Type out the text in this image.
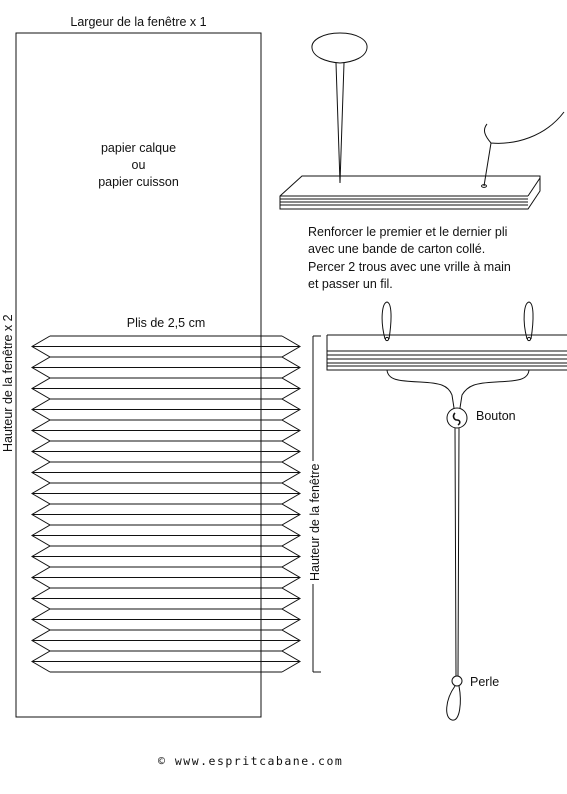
Largeur de la fenêtre x 1
papier calque
ou
papier cuisson
Hauteur de la fenêtre x 2	Plis de 2,5 cm
Renforcer le premier et le dernier pli
avec une bande de carton collé.
Percer 2 trous avec une vrille à main
et passer un fil.
Hauteur de la fenêtre
Bouton
Perle
© www.espritcabane.com
